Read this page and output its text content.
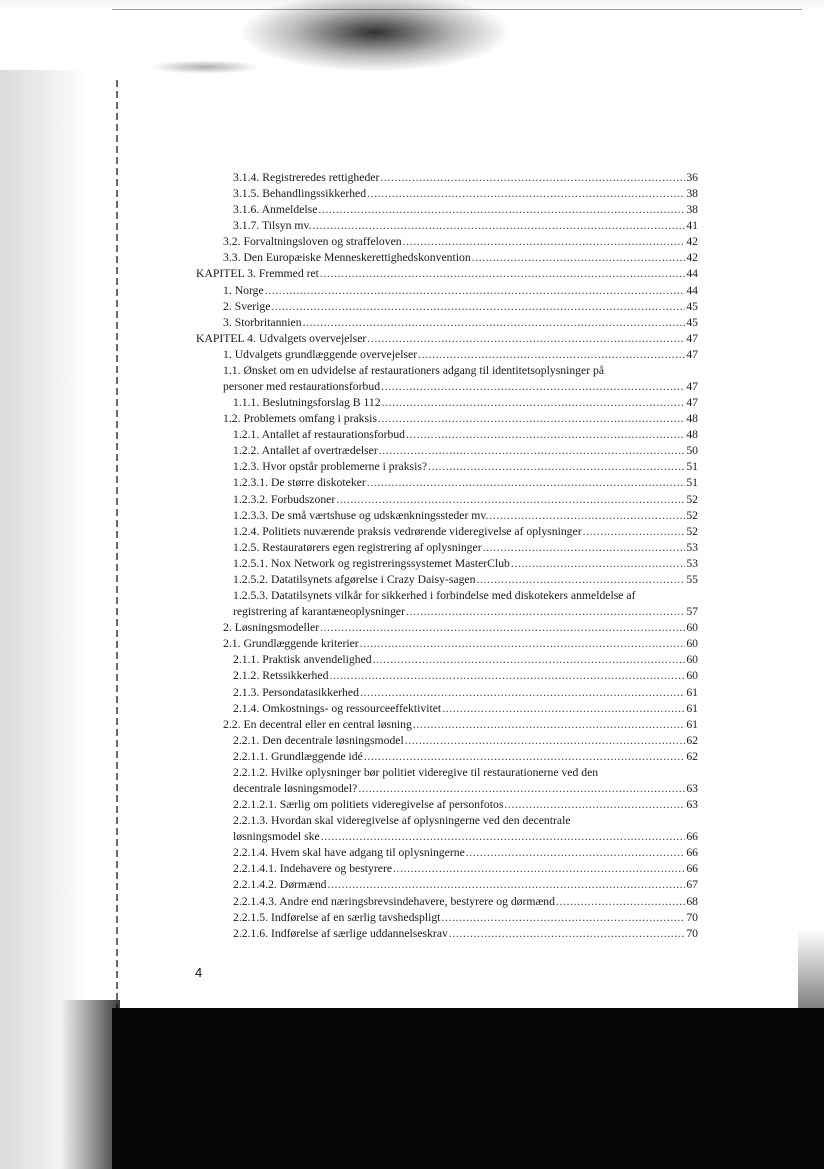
3.1.4. Registreredes rettigheder .....	36
3.1.5. Behandlingssikkerhed .....	38
3.1.6. Anmeldelse .....	38
3.1.7. Tilsyn mv. .....	41
3.2. Forvaltningsloven og straffeloven .....	42
3.3. Den Europæiske Menneskerettighedskonvention .....	42
KAPITEL 3. Fremmed ret .....	44
1. Norge .....	44
2. Sverige .....	45
3. Storbritannien .....	45
KAPITEL 4. Udvalgets overvejelser .....	47
1. Udvalgets grundlæggende overvejelser .....	47
1.1. Ønsket om en udvidelse af restaurationers adgang til identitetsoplysninger på
personer med restaurationsforbud .....	47
1.1.1. Beslutningsforslag B 112 .....	47
1.2. Problemets omfang i praksis .....	48
1.2.1. Antallet af restaurationsforbud .....	48
1.2.2. Antallet af overtrædelser .....	50
1.2.3. Hvor opstår problemerne i praksis? .....	51
1.2.3.1. De større diskoteker .....	51
1.2.3.2. Forbudszoner .....	52
1.2.3.3. De små værtshuse og udskænkningssteder mv. .....	52
1.2.4. Politiets nuværende praksis vedrørende videregivelse af oplysninger .....	52
1.2.5. Restauratørers egen registrering af oplysninger .....	53
1.2.5.1. Nox Network og registreringssystemet MasterClub .....	53
1.2.5.2. Datatilsynets afgørelse i Crazy Daisy-sagen .....	55
1.2.5.3. Datatilsynets vilkår for sikkerhed i forbindelse med diskotekers anmeldelse af
registrering af karantæneoplysninger .....	57
2. Løsningsmodeller .....	60
2.1. Grundlæggende kriterier .....	60
2.1.1. Praktisk anvendelighed .....	60
2.1.2. Retssikkerhed .....	60
2.1.3. Persondatasikkerhed .....	61
2.1.4. Omkostnings- og ressourceeffektivitet .....	61
2.2. En decentral eller en central løsning .....	61
2.2.1. Den decentrale løsningsmodel .....	62
2.2.1.1. Grundlæggende idé .....	62
2.2.1.2. Hvilke oplysninger bør politiet videregive til restaurationerne ved den
decentrale løsningsmodel? .....	63
2.2.1.2.1. Særlig om politiets videregivelse af personfotos .....	63
2.2.1.3. Hvordan skal videregivelse af oplysningerne ved den decentrale
løsningsmodel ske .....	66
2.2.1.4. Hvem skal have adgang til oplysningerne .....	66
2.2.1.4.1. Indehavere og bestyrere .....	66
2.2.1.4.2. Dørmænd .....	67
2.2.1.4.3. Andre end næringsbrevsindehavere, bestyrere og dørmænd .....	68
2.2.1.5. Indførelse af en særlig tavshedspligt .....	70
2.2.1.6. Indførelse af særlige uddannelseskrav .....	70
4
